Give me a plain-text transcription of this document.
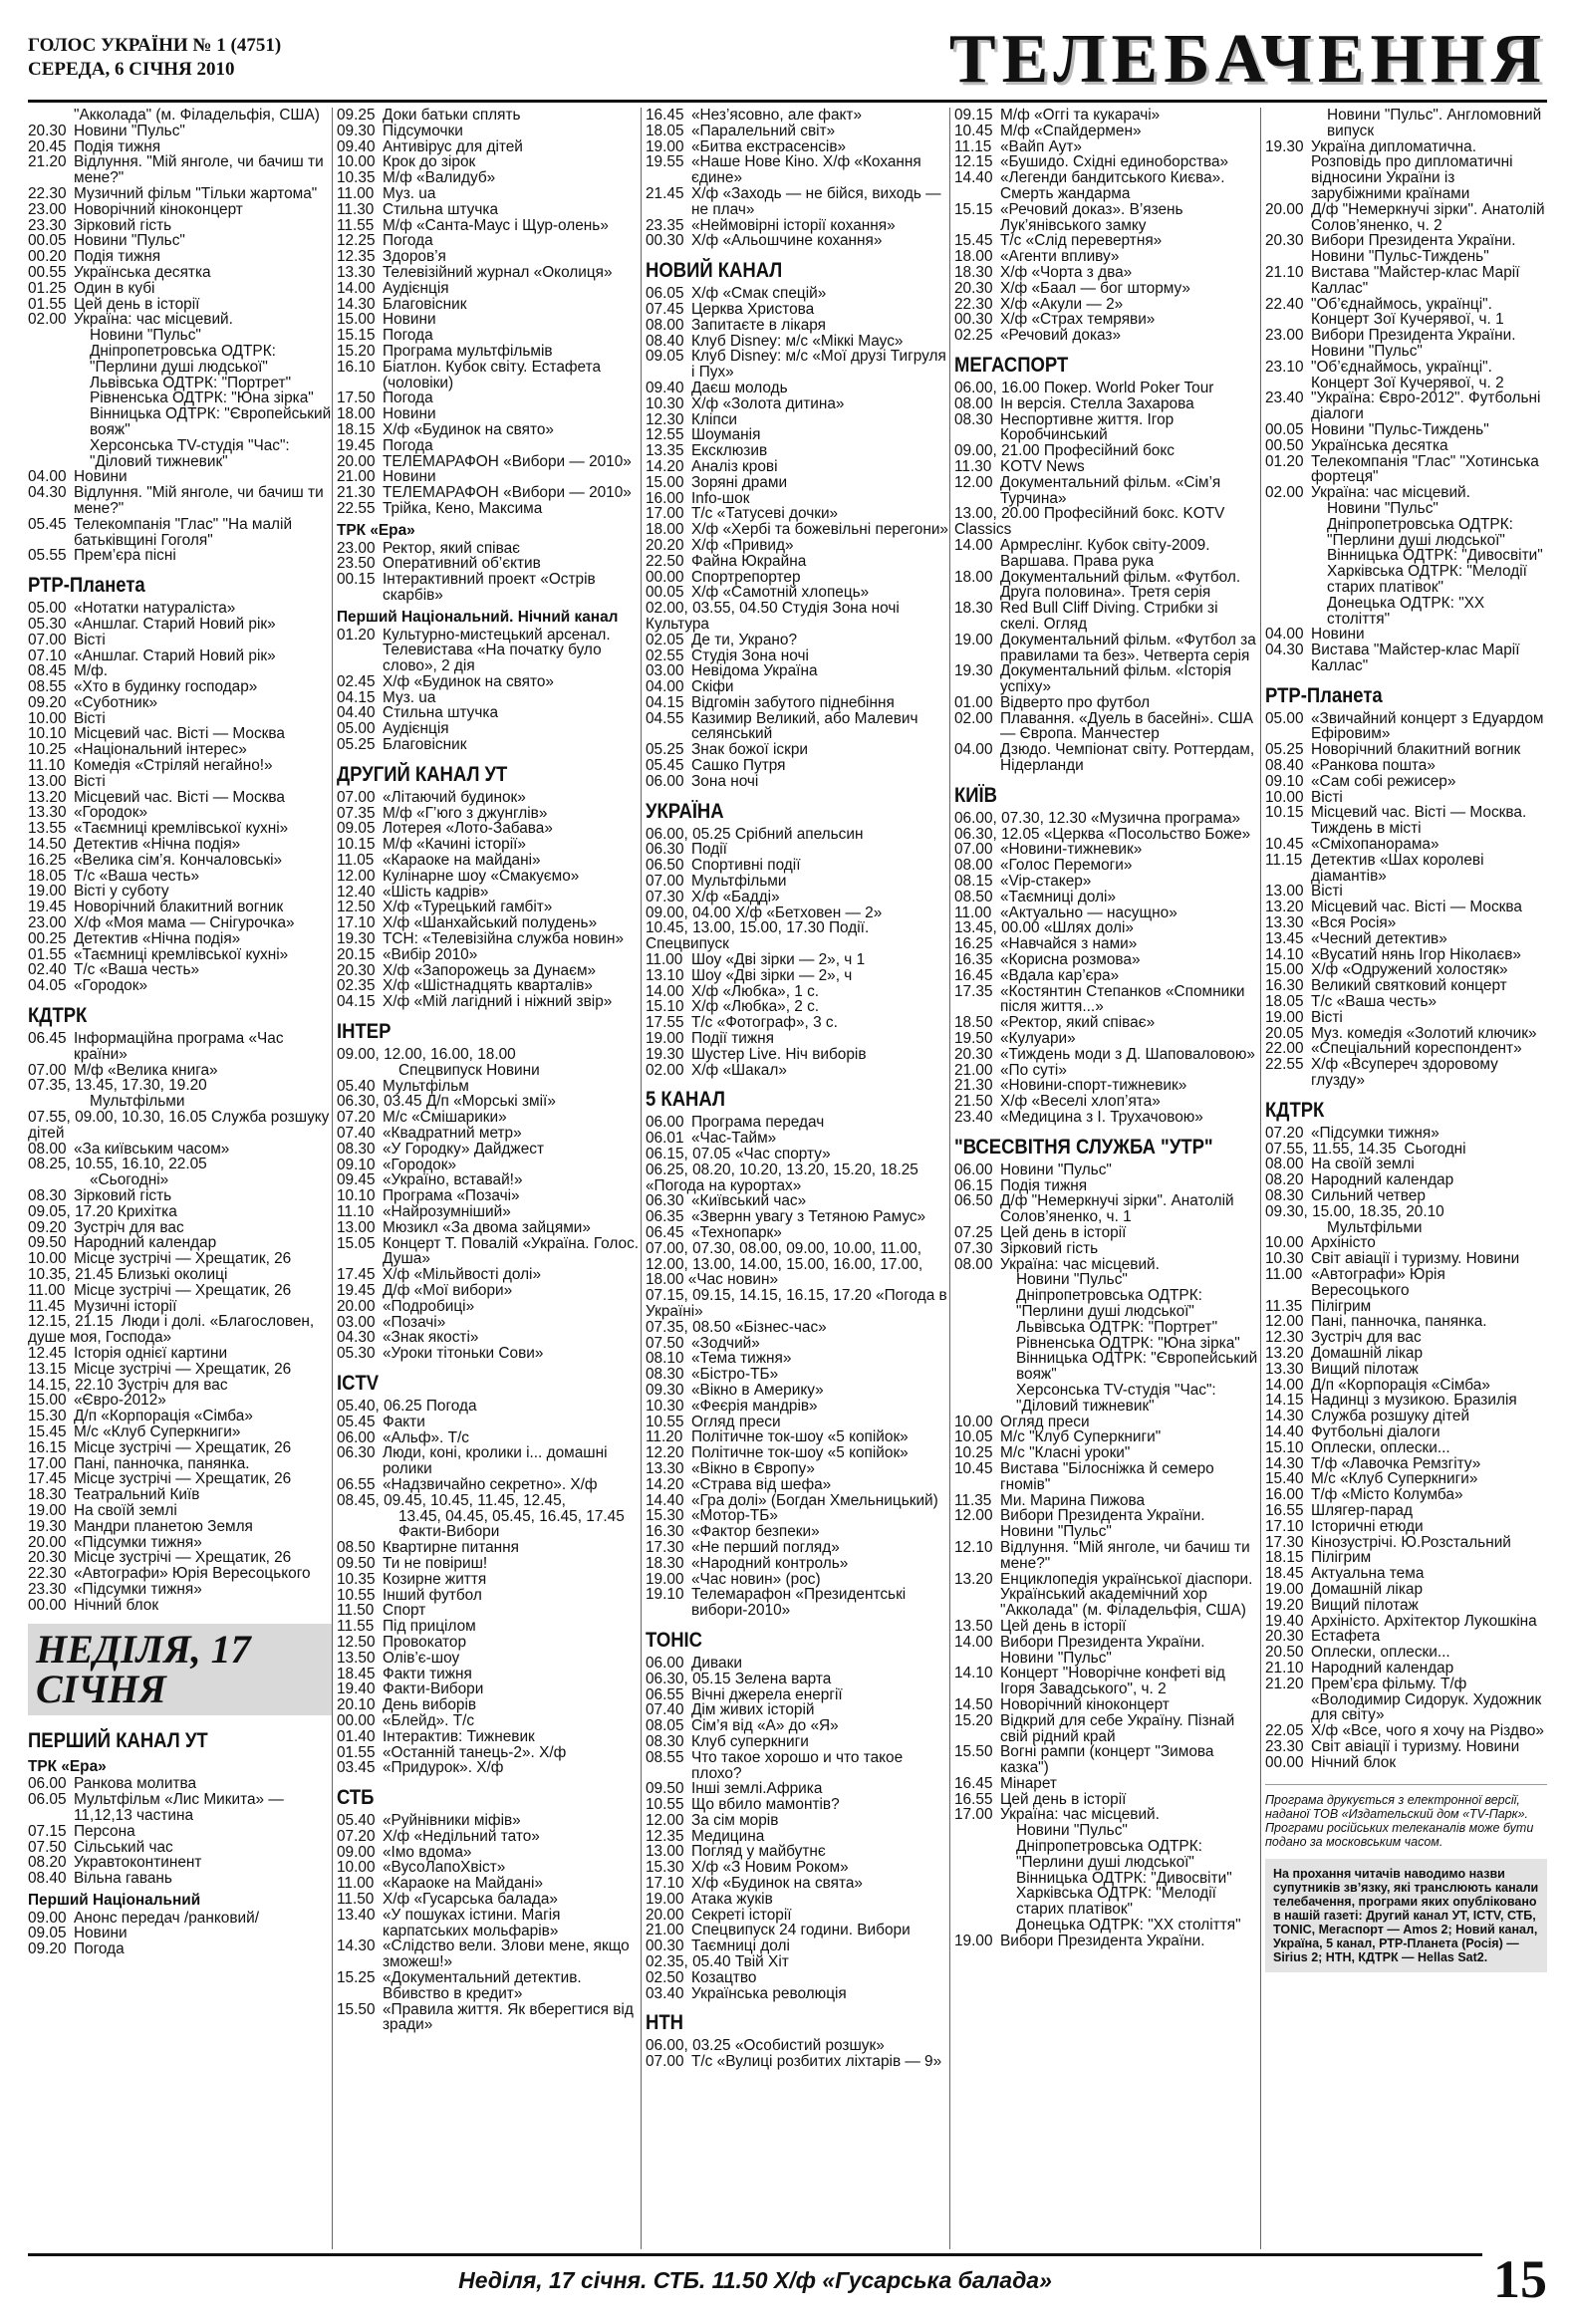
ГОЛОС УКРАЇНИ № 1 (4751)
СЕРЕДА, 6 СІЧНЯ 2010	ТЕЛЕБАЧЕННЯ
"Акколада" (м. Філадельфія, США)
20.30 Новини "Пульс"
20.45 Подія тижня
21.20 Відлуння. "Мій янголе, чи бачиш ти мене?"
22.30 Музичний фільм "Тільки жартома"
23.00 Новорічний кіноконцерт
23.30 Зірковий гість
00.05 Новини "Пульс"
00.20 Подія тижня
00.55 Українська десятка
01.25 Один в кубі
01.55 Цей день в історії
02.00 Україна: час місцевий.
Новини "Пульс"
Дніпропетровська ОДТРК: "Перлини душі людської"
Львівська ОДТРК: "Портрет"
Рівненська ОДТРК: "Юна зірка"
Вінницька ОДТРК: "Європейський вояж"
Херсонська TV-студія "Час": "Діловий тижневик"
04.00 Новини
04.30 Відлуння. "Мій янголе, чи бачиш ти мене?"
05.45 Телекомпанія "Глас" "На малій батьківщині Гоголя"
05.55 Прем’єра пісні
РТР-Планета
05.00 «Нотатки натураліста»
05.30 «Аншлаг. Старий Новий рік»
07.00 Вісті
07.10 «Аншлаг. Старий Новий рік»
08.45 М/ф.
08.55 «Хто в будинку господар»
09.20 «Суботник»
10.00 Вісті
10.10 Місцевий час. Вісті — Москва
10.25 «Національний інтерес»
11.10 Комедія «Стріляй негайно!»
13.00 Вісті
13.20 Місцевий час. Вісті — Москва
13.30 «Городок»
13.55 «Таємниці кремлівської кухні»
14.50 Детектив «Нічна подія»
16.25 «Велика сім’я. Кончаловські»
18.05 Т/с «Ваша честь»
19.00 Вісті у суботу
19.45 Новорічний блакитний вогник
23.00 Х/ф «Моя мама — Снігурочка»
00.25 Детектив «Нічна подія»
01.55 «Таємниці кремлівської кухні»
02.40 Т/с «Ваша честь»
04.05 «Городок»
КДТРК
06.45 Інформаційна програма «Час країни»
07.00 М/ф «Велика книга»
07.35, 13.45, 17.30, 19.20
Мультфільми
07.55, 09.00, 10.30, 16.05 Служба розшуку дітей
08.00 «За київським часом»
08.25, 10.55, 16.10, 22.05
«Сьогодні»
08.30 Зірковий гість
09.05, 17.20 Крихітка
09.20 Зустріч для вас
09.50 Народний календар
10.00 Місце зустрічі — Хрещатик, 26
10.35, 21.45 Близькі околиці
11.00 Місце зустрічі — Хрещатик, 26
11.45 Музичні історії
12.15, 21.15 Люди і долі. «Благословен, душе моя, Господа»
12.45 Історія однієї картини
13.15 Місце зустрічі — Хрещатик, 26
14.15, 22.10 Зустріч для вас
15.00 «Євро-2012»
15.30 Д/п «Корпорація «Сімба»
15.45 М/с «Клуб Суперкниги»
16.15 Місце зустрічі — Хрещатик, 26
17.00 Пані, панночка, панянка.
17.45 Місце зустрічі — Хрещатик, 26
18.30 Театральний Київ
19.00 На своїй землі
19.30 Мандри планетою Земля
20.00 «Підсумки тижня»
20.30 Місце зустрічі — Хрещатик, 26
22.30 «Автографи» Юрія Вересоцького
23.30 «Підсумки тижня»
00.00 Нічний блок
НЕДІЛЯ, 17 СІЧНЯ
ПЕРШИЙ КАНАЛ УТ
ТРК «Ера»
06.00 Ранкова молитва
06.05 Мультфільм «Лис Микита» — 11,12,13 частина
07.15 Персона
07.50 Сільський час
08.20 Укравтоконтинент
08.40 Вільна гавань
Перший Національний
09.00 Анонс передач /ранковий/
09.05 Новини
09.20 Погода
09.25 Доки батьки сплять
09.30 Підсумочки
09.40 Антивірус для дітей
10.00 Крок до зірок
10.35 М/ф «Валидуб»
11.00 Муз. ua
11.30 Стильна штучка
11.55 М/ф «Санта-Маус і Щур-олень»
12.25 Погода
12.35 Здоров’я
13.30 Телевізійний журнал «Околиця»
14.00 Аудієнція
14.30 Благовісник
15.00 Новини
15.15 Погода
15.20 Програма мультфільмів
16.10 Біатлон. Кубок світу. Естафета (чоловіки)
17.50 Погода
18.00 Новини
18.15 Х/ф «Будинок на свято»
19.45 Погода
20.00 ТЕЛЕМАРАФОН «Вибори — 2010»
21.00 Новини
21.30 ТЕЛЕМАРАФОН «Вибори — 2010»
22.55 Трійка, Кено, Максима
ТРК «Ера»
23.00 Ректор, який співає
23.50 Оперативний об’єктив
00.15 Інтерактивний проект «Острів скарбів»
Перший Національний. Нічний канал
01.20 Культурно-мистецький арсенал. Телевистава «На початку було слово», 2 дія
02.45 Х/ф «Будинок на свято»
04.15 Муз. ua
04.40 Стильна штучка
05.00 Аудієнція
05.25 Благовісник
ДРУГИЙ КАНАЛ УТ
07.00 «Літаючий будинок»
07.35 М/ф «Г’юго з джунглів»
09.05 Лотерея «Лото-Забава»
10.15 М/ф «Качині історії»
11.05 «Караоке на майдані»
12.00 Кулінарне шоу «Смакуємо»
12.40 «Шість кадрів»
12.50 Х/ф «Турецький гамбіт»
17.10 Х/ф «Шанхайський полудень»
19.30 ТСН: «Телевізійна служба новин»
20.15 «Вибір 2010»
20.30 Х/ф «Запорожець за Дунаєм»
02.35 Х/ф «Шістнадцять кварталів»
04.15 Х/ф «Мій лагідний і ніжний звір»
ІНТЕР
09.00, 12.00, 16.00, 18.00
Спецвипуск Новини
05.40 Мультфільм
06.30, 03.45 Д/п «Морські змії»
07.20 М/с «Смішарики»
07.40 «Квадратний метр»
08.30 «У Городку» Дайджест
09.10 «Городок»
09.45 «Україно, вставай!»
10.10 Програма «Позачі»
11.10 «Найрозумніший»
13.00 Мюзикл «За двома зайцями»
15.05 Концерт Т. Повалій «Україна. Голос. Душа»
17.45 Х/ф «Мільйвості долі»
19.45 Д/ф «Мої вибори»
20.00 «Подробиці»
03.00 «Позачі»
04.30 «Знак якості»
05.30 «Уроки тітоньки Сови»
ICTV
05.40, 06.25 Погода
05.45 Факти
06.00 «Альф». Т/с
06.30 Люди, коні, кролики і... домашні ролики
06.55 «Надзвичайно секретно». Х/ф
08.45, 09.45, 10.45, 11.45, 12.45,
13.45, 04.45, 05.45, 16.45, 17.45 Факти-Вибори
08.50 Квартирне питання
09.50 Ти не повіриш!
10.35 Козирне життя
10.55 Інший футбол
11.50 Спорт
11.55 Під прицілом
12.50 Провокатор
13.50 Олів’є-шоу
18.45 Факти тижня
19.40 Факти-Вибори
20.10 День виборів
00.00 «Блейд». Т/с
01.40 Інтерактив: Тижневик
01.55 «Останній танець-2». Х/ф
03.45 «Придурок». Х/ф
СТБ
05.40 «Руйнівники міфів»
07.20 Х/ф «Недільний тато»
09.00 «Імо вдома»
10.00 «ВусоЛапоХвіст»
11.00 «Караоке на Майдані»
11.50 Х/ф «Гусарська балада»
13.40 «У пошуках істини. Магія карпатських мольфарів»
14.30 «Слідство вели. Злови мене, якщо зможеш!»
15.25 «Документальний детектив. Вбивство в кредит»
15.50 «Правила життя. Як вберегтися від зради»
16.45 «Нез’ясовно, але факт»
18.05 «Паралельний світ»
19.00 «Битва екстрасенсів»
19.55 «Наше Нове Кіно. Х/ф «Кохання єдине»
21.45 Х/ф «Заходь — не бійся, виходь — не плач»
23.35 «Неймовірні історії кохання»
00.30 Х/ф «Альошчине кохання»
НОВИЙ КАНАЛ
06.05 Х/ф «Смак спецій»
07.45 Церква Христова
08.00 Запитаєте в лікаря
08.40 Клуб Disney: м/с «Міккі Маус»
09.05 Клуб Disney: м/с «Мої друзі Тигруля і Пух»
09.40 Даєш молодь
10.30 Х/ф «Золота дитина»
12.30 Кліпси
12.55 Шоуманія
13.35 Ексклюзив
14.20 Аналіз крові
15.00 Зоряні драми
16.00 Info-шок
17.00 Т/с «Татусеві дочки»
18.00 Х/ф «Хербі та божевільні перегони»
20.20 Х/ф «Привид»
22.50 Файна Юкрайна
00.00 Спортрепортер
00.05 Х/ф «Самотній хлопець»
02.00, 03.55, 04.50 Студія Зона ночі Культура
02.05 Де ти, Украно?
02.55 Студія Зона ночі
03.00 Невідома Україна
04.00 Скіфи
04.15 Відгомін забутого піднебіння
04.55 Казимир Великий, або Малевич селянський
05.25 Знак божої іскри
05.45 Сашко Путря
06.00 Зона ночі
УКРАЇНА
06.00, 05.25 Срібний апельсин
06.30 Події
06.50 Спортивні події
07.00 Мультфільми
07.30 Х/ф «Бадді»
09.00, 04.00 Х/ф «Бетховен — 2»
10.45, 13.00, 15.00, 17.30 Події. Спецвипуск
11.00 Шоу «Дві зірки — 2», ч 1
13.10 Шоу «Дві зірки — 2», ч
14.00 Х/ф «Любка», 1 с.
15.10 Х/ф «Любка», 2 с.
17.55 Т/с «Фотограф», 3 с.
19.00 Події тижня
19.30 Шустер Live. Ніч виборів
02.00 Х/ф «Шакал»
5 КАНАЛ
06.00 Програма передач
06.01 «Час-Тайм»
06.15, 07.05 «Час спорту»
06.25, 08.20, 10.20, 13.20, 15.20, 18.25 «Погода на курортах»
06.30 «Київський час»
06.35 «Звернн увагу з Тетяною Рамус»
06.45 «Технопарк»
07.00, 07.30, 08.00, 09.00, 10.00, 11.00, 12.00, 13.00, 14.00, 15.00, 16.00, 17.00, 18.00 «Час новин»
07.15, 09.15, 14.15, 16.15, 17.20 «Погода в Україні»
07.35, 08.50 «Бізнес-час»
07.50 «Зодчий»
08.10 «Тема тижня»
08.30 «Бістро-ТБ»
09.30 «Вікно в Америку»
10.30 «Феєрія мандрів»
10.55 Огляд преси
11.20 Політичне ток-шоу «5 копійок»
12.20 Політичне ток-шоу «5 копійок»
13.30 «Вікно в Європу»
14.20 «Страва від шефа»
14.40 «Гра долі» (Богдан Хмельницький)
15.30 «Мотор-ТБ»
16.30 «Фактор безпеки»
17.30 «Не перший погляд»
18.30 «Народний контроль»
19.00 «Час новин» (рос)
19.10 Телемарафон «Президентські вибори-2010»
ТОНІС
06.00 Диваки
06.30, 05.15 Зелена варта
06.55 Вічні джерела енергії
07.40 Дім живих історій
08.05 Сім’я від «А» до «Я»
08.30 Клуб суперкниги
08.55 Что такое хорошо и что такое плохо?
09.50 Інші землі.Африка
10.55 Що вбило мамонтів?
12.00 За сім морів
12.35 Медицина
13.00 Погляд у майбутнє
15.30 Х/ф «З Новим Роком»
17.10 Х/ф «Будинок на свята»
19.00 Атака жуків
20.00 Секреті історії
21.00 Спецвипуск 24 години. Вибори
00.30 Таємниці долі
02.35, 05.40 Твій Хіт
02.50 Козацтво
03.40 Українська революція
НТН
06.00, 03.25 «Особистий розшук»
07.00 Т/с «Вулиці розбитих ліхтарів — 9»
09.15 М/ф «Оггі та кукарачі»
10.45 М/ф «Спайдермен»
11.15 «Вайп Аут»
12.15 «Бушидо. Східні единоборства»
14.40 «Легенди бандитського Києва». Смерть жандарма
15.15 «Речовий доказ». В’язень Лук’янівського замку
15.45 Т/с «Слід перевертня»
18.00 «Агенти впливу»
18.30 Х/ф «Чорта з два»
20.30 Х/ф «Баал — бог шторму»
22.30 Х/ф «Акули — 2»
00.30 Х/ф «Страх темряви»
02.25 «Речовий доказ»
МЕГАСПОРТ
06.00, 16.00 Покер. World Poker Tour
08.00 Ін версія. Стелла Захарова
08.30 Неспортивне життя. Ігор Коробчинський
09.00, 21.00 Професійний бокс
11.30 KOTV News
12.00 Документальний фільм. «Сім’я Турчина»
13.00, 20.00 Професійний бокс. KOTV Classics
14.00 Армреслінг. Кубок світу-2009. Варшава. Права рука
18.00 Документальний фільм. «Футбол. Друга половина». Третя серія
18.30 Red Bull Cliff Diving. Стрибки зі скелі. Огляд
19.00 Документальний фільм. «Футбол за правилами та без». Четверта серія
19.30 Документальний фільм. «Історія успіху»
01.00 Відверто про футбол
02.00 Плавання. «Дуель в басейні». США — Європа. Манчестер
04.00 Дзюдо. Чемпіонат світу. Роттердам, Нідерланди
КИЇВ
06.00, 07.30, 12.30 «Музична програма»
06.30, 12.05 «Церква «Посольство Боже»
07.00 «Новини-тижневик»
08.00 «Голос Перемоги»
08.15 «Vip-стакер»
08.50 «Таємниці долі»
11.00 «Актуально — насущно»
13.45, 00.00 «Шлях долі»
16.25 «Навчайся з нами»
16.35 «Корисна розмова»
16.45 «Вдала кар’єра»
17.35 «Костянтин Степанков «Спомники після життя...»
18.50 «Ректор, який співає»
19.50 «Кулуари»
20.30 «Тиждень моди з Д. Шаповаловою»
21.00 «По суті»
21.30 «Новини-спорт-тижневик»
21.50 Х/ф «Веселі хлоп’ята»
23.40 «Медицина з І. Трухачовою»
"ВСЕСВІТНЯ СЛУЖБА "УТР"
06.00 Новини "Пульс"
06.15 Подія тижня
06.50 Д/ф "Немеркнучі зірки". Анатолій Солов’яненко, ч. 1
07.25 Цей день в історії
07.30 Зірковий гість
08.00 Україна: час місцевий.
Новини "Пульс"
Дніпропетровська ОДТРК: "Перлини душі людської"
Львівська ОДТРК: "Портрет"
Рівненська ОДТРК: "Юна зірка"
Вінницька ОДТРК: "Європейський вояж"
Херсонська TV-студія "Час": "Діловий тижневик"
10.00 Огляд преси
10.05 М/с "Клуб Суперкниги"
10.25 М/с "Класні уроки"
10.45 Вистава "Білосніжка й семеро гномів"
11.35 Ми. Марина Пижова
12.00 Вибори Президента України. Новини "Пульс"
12.10 Відлуння. "Мій янголе, чи бачиш ти мене?"
13.20 Енциклопедія української діаспори. Український академічний хор "Акколада" (м. Філадельфія, США)
13.50 Цей день в історії
14.00 Вибори Президента України. Новини "Пульс"
14.10 Концерт "Новорічне конфеті від Ігоря Завадського", ч. 2
14.50 Новорічний кіноконцерт
15.20 Відкрий для себе Україну. Пізнай свій рідний край
15.50 Вогні рампи (концерт "Зимова казка")
16.45 Мінарет
16.55 Цей день в історії
17.00 Україна: час місцевий.
Новини "Пульс"
Дніпропетровська ОДТРК: "Перлини душі людської"
Вінницька ОДТРК: "Дивосвіти"
Харківська ОДТРК: "Мелодії старих платівок"
Донецька ОДТРК: "ХХ століття"
19.00 Вибори Президента України.
Новини "Пульс". Англомовний випуск
19.30 Україна дипломатична. Розповідь про дипломатичні відносини України із зарубіжними країнами
20.00 Д/ф "Немеркнучі зірки". Анатолій Солов’яненко, ч. 2
20.30 Вибори Президента України. Новини "Пульс-Тиждень"
21.10 Вистава "Майстер-клас Марії Каллас"
22.40 "Об’єднаймось, українці". Концерт Зої Кучерявої, ч. 1
23.00 Вибори Президента України. Новини "Пульс"
23.10 "Об’єднаймось, українці". Концерт Зої Кучерявої, ч. 2
23.40 "Україна: Євро-2012". Футбольні діалоги
00.05 Новини "Пульс-Тиждень"
00.50 Українська десятка
01.20 Телекомпанія "Глас" "Хотинська фортеця"
02.00 Україна: час місцевий.
Новини "Пульс"
Дніпропетровська ОДТРК: "Перлини душі людської"
Вінницька ОДТРК: "Дивосвіти"
Харківська ОДТРК: "Мелодії старих платівок"
Донецька ОДТРК: "ХХ століття"
04.00 Новини
04.30 Вистава "Майстер-клас Марії Каллас"
РТР-Планета
05.00 «Звичайний концерт з Едуардом Ефіровим»
05.25 Новорічний блакитний вогник
08.40 «Ранкова пошта»
09.10 «Сам собі режисер»
10.00 Вісті
10.15 Місцевий час. Вісті — Москва. Тиждень в місті
10.45 «Сміхопанорама»
11.15 Детектив «Шах королеві діамантів»
13.00 Вісті
13.20 Місцевий час. Вісті — Москва
13.30 «Вся Росія»
13.45 «Чесний детектив»
14.10 «Вусатий нянь Ігор Ніколаєв»
15.00 Х/ф «Одружений холостяк»
16.30 Великий святковий концерт
18.05 Т/с «Ваша честь»
19.00 Вісті
20.05 Муз. комедія «Золотий ключик»
22.00 «Спеціальний кореспондент»
22.55 Х/ф «Всупереч здоровому глузду»
КДТРК
07.20 «Підсумки тижня»
07.55, 11.55, 14.35 Сьогодні
08.00 На своїй землі
08.20 Народний календар
08.30 Сильний четвер
09.30, 15.00, 18.35, 20.10
Мультфільми
10.00 Архіністо
10.30 Світ авіації і туризму. Новини
11.00 «Автографи» Юрія Вересоцького
11.35 Пілігрим
12.00 Пані, панночка, панянка.
12.30 Зустріч для вас
13.20 Домашній лікар
13.30 Вищий пілотаж
14.00 Д/п «Корпорація «Сімба»
14.15 Надинці з музикою. Бразилія
14.30 Служба розшуку дітей
14.40 Футбольні діалоги
15.10 Оплески, оплески...
14.30 Т/ф «Лавочка Ремзгіту»
15.40 М/с «Клуб Суперкниги»
16.00 Т/ф «Місто Колумба»
16.55 Шлягер-парад
17.10 Історичні етюди
17.30 Кінозустрічі. Ю.Розстальний
18.15 Пілігрим
18.45 Актуальна тема
19.00 Домашній лікар
19.20 Вищий пілотаж
19.40 Архіністо. Архітектор Лукошкіна
20.30 Естафета
20.50 Оплески, оплески...
21.10 Народний календар
21.20 Прем’єра фільму. Т/ф «Володимир Сидорук. Художник для світу»
22.05 Х/ф «Все, чого я хочу на Різдво»
23.30 Світ авіації і туризму. Новини
00.00 Нічний блок
Програма друкується з електронної версії, наданої ТОВ «Издательский дом «TV-Парк». Програми російських телеканалів може бути подано за московським часом.
На прохання читачів наводимо назви супутників зв’язку, які транслюють канали телебачення, програми яких опубліковано в нашій газеті: Другий канал УТ, ICTV, СТБ, TONIC, Мегаспорт — Amos 2; Новий канал, Україна, 5 канал, РТР-Планета (Росія) — Sirius 2; НТН, КДТРК — Hellas Sat2.
Неділя, 17 січня. СТБ. 11.50 Х/ф «Гусарська балада»	15
